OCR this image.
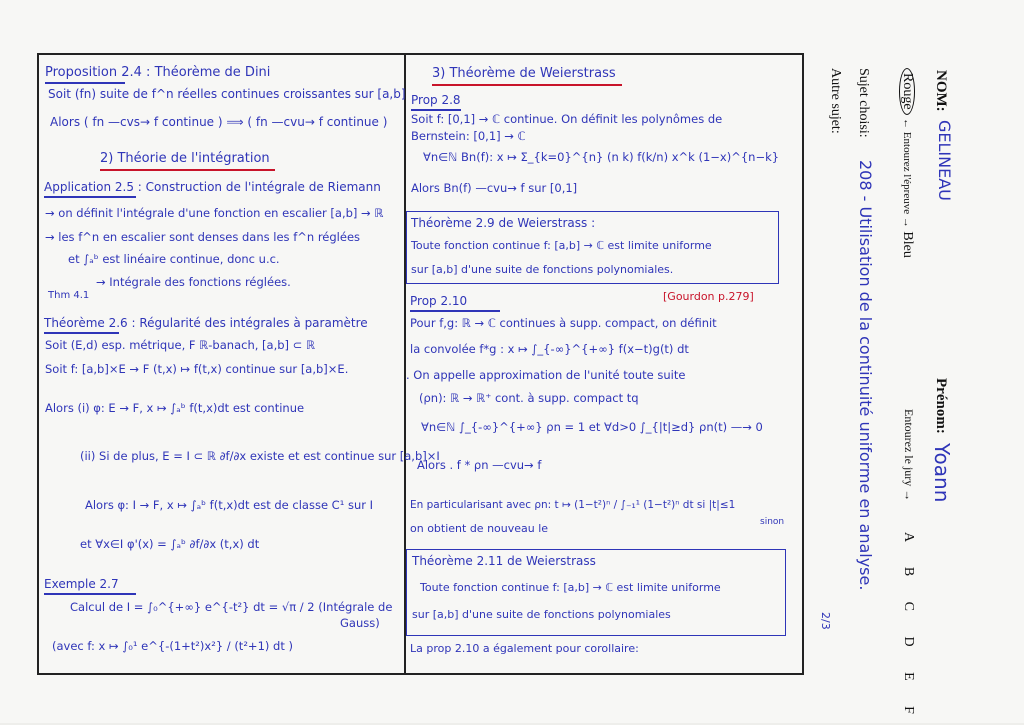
Proposition 2.4 : Théorème de Dini
Soit (fn) suite de f^n réelles continues croissantes sur [a,b]
Alors ( fn —cvs→ f continue ) ⟹ ( fn —cvu→ f continue )
2) Théorie de l'intégration
Application 2.5 : Construction de l'intégrale de Riemann
→ on définit l'intégrale d'une fonction en escalier [a,b] → ℝ
→ les f^n en escalier sont denses dans les f^n réglées
et ∫ₐᵇ est linéaire continue, donc u.c.
→ Intégrale des fonctions réglées.
Thm 4.1
Théorème 2.6 : Régularité des intégrales à paramètre
Soit (E,d) esp. métrique, F ℝ-banach, [a,b] ⊂ ℝ
Soit f: [a,b]×E → F (t,x) ↦ f(t,x) continue sur [a,b]×E.
Alors (i) φ: E → F, x ↦ ∫ₐᵇ f(t,x)dt est continue
(ii) Si de plus, E = I ⊂ ℝ ∂f/∂x existe et est continue sur [a,b]×I
Alors φ: I → F, x ↦ ∫ₐᵇ f(t,x)dt est de classe C¹ sur I
et ∀x∈I φ'(x) = ∫ₐᵇ ∂f/∂x (t,x) dt
Exemple 2.7
Calcul de I = ∫₀^{+∞} e^{-t²} dt = √π / 2 (Intégrale de
Gauss)
(avec f: x ↦ ∫₀¹ e^{-(1+t²)x²} / (t²+1) dt )
3) Théorème de Weierstrass
Prop 2.8
Soit f: [0,1] → ℂ continue. On définit les polynômes de
Bernstein: [0,1] → ℂ
∀n∈ℕ Bn(f): x ↦ Σ_{k=0}^{n} (n k) f(k/n) x^k (1−x)^{n−k}
Alors Bn(f) —cvu→ f sur [0,1]
Théorème 2.9 de Weierstrass :
Toute fonction continue f: [a,b] → ℂ est limite uniforme
sur [a,b] d'une suite de fonctions polynomiales.
Prop 2.10	[Gourdon p.279]
Pour f,g: ℝ → ℂ continues à supp. compact, on définit
la convolée f*g : x ↦ ∫_{-∞}^{+∞} f(x−t)g(t) dt
. On appelle approximation de l'unité toute suite
(ρn): ℝ → ℝ⁺ cont. à supp. compact tq
∀n∈ℕ ∫_{-∞}^{+∞} ρn = 1 et ∀d>0 ∫_{|t|≥d} ρn(t) —→ 0
Alors . f * ρn —cvu→ f
En particularisant avec ρn: t ↦ (1−t²)ⁿ / ∫₋₁¹ (1−t²)ⁿ dt si |t|≤1
sinon
on obtient de nouveau le
Théorème 2.11 de Weierstrass
Toute fonction continue f: [a,b] → ℂ est limite uniforme
sur [a,b] d'une suite de fonctions polynomiales
La prop 2.10 a également pour corollaire:
NOM:
GELINEAU
Prénom:
Yoann
Rouge ← Entourez l'épreuve → Bleu
Entourez le jury →
A B C D E F
Sujet choisi:
208 - Utilisation de la continuité uniforme en analyse.
Autre sujet:
2/3
